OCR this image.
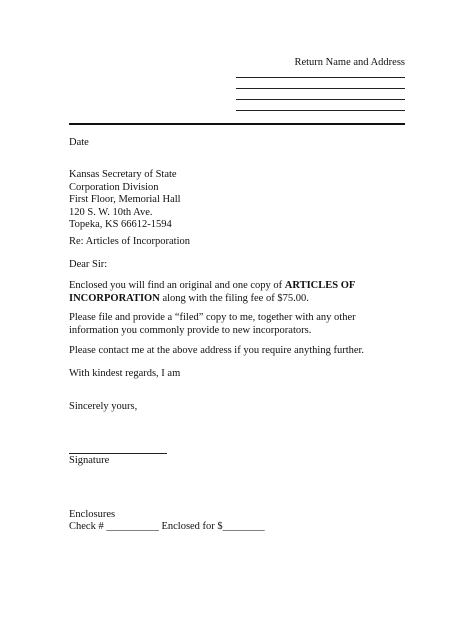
Return Name and Address
Date
Kansas Secretary of State
Corporation Division
First Floor, Memorial Hall
120 S. W. 10th Ave.
Topeka, KS 66612-1594
Re: Articles of Incorporation
Dear Sir:
Enclosed you will find an original and one copy of ARTICLES OF INCORPORATION along with the filing fee of $75.00.
Please file and provide a “filed” copy to me, together with any other information you commonly provide to new incorporators.
Please contact me at the above address if you require anything further.
With kindest regards, I am
Sincerely yours,
Signature
Enclosures
Check # __________ Enclosed for $________
